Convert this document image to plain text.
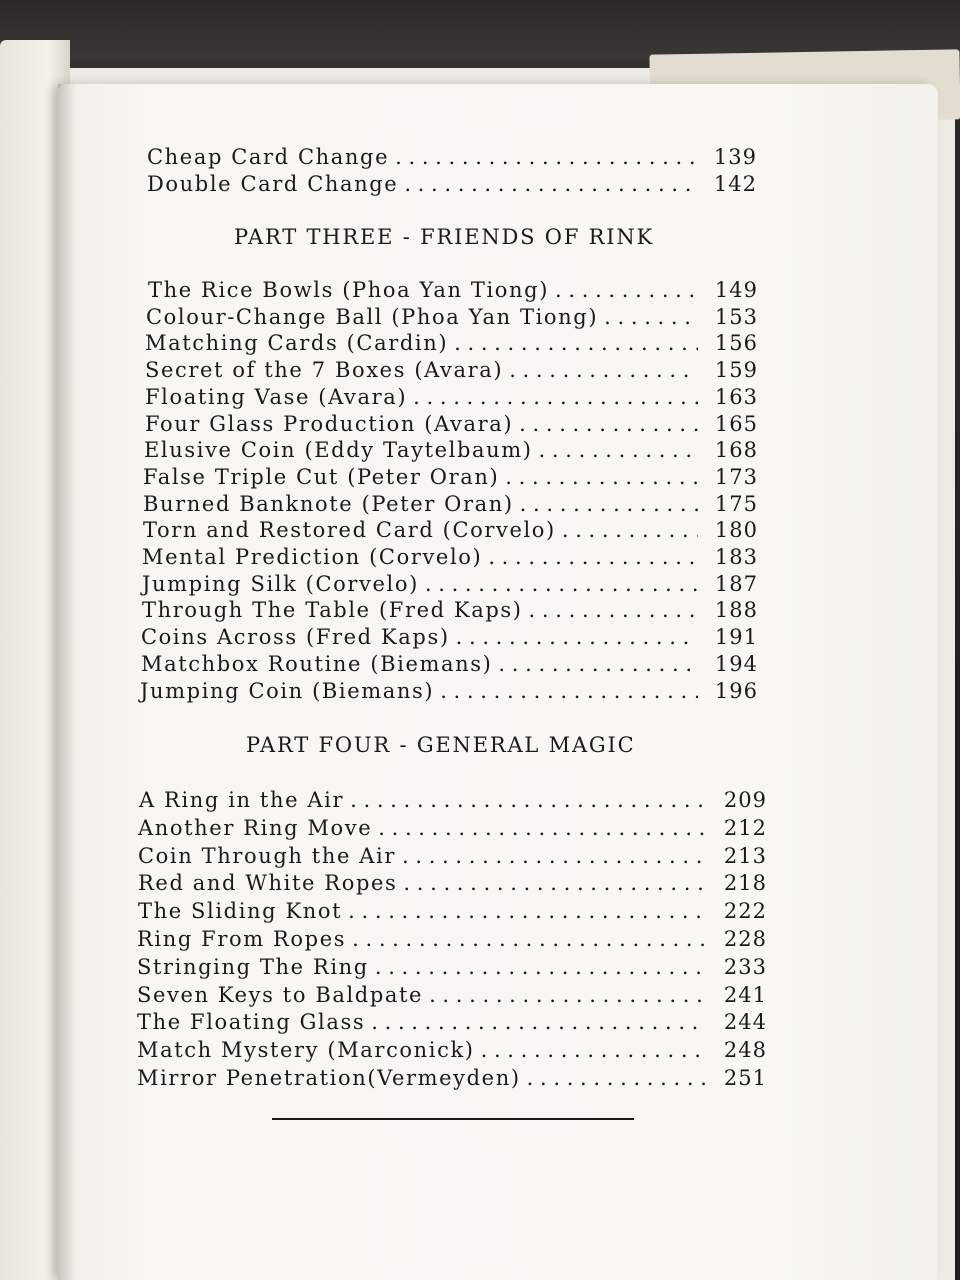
Cheap Card Change . . .	139
Double Card Change . . .	142
PART THREE - FRIENDS OF RINK
The Rice Bowls (Phoa Yan Tiong) . . .	149
Colour-Change Ball (Phoa Yan Tiong) . . .	153
Matching Cards (Cardin) . . .	156
Secret of the 7 Boxes (Avara) . . .	159
Floating Vase (Avara) . . .	163
Four Glass Production (Avara) . . .	165
Elusive Coin (Eddy Taytelbaum) . . .	168
False Triple Cut (Peter Oran) . . .	173
Burned Banknote (Peter Oran) . . .	175
Torn and Restored Card (Corvelo) . . .	180
Mental Prediction (Corvelo) . . .	183
Jumping Silk (Corvelo) . . .	187
Through The Table (Fred Kaps) . . .	188
Coins Across (Fred Kaps) . . .	191
Matchbox Routine (Biemans) . . .	194
Jumping Coin (Biemans) . . .	196
PART FOUR - GENERAL MAGIC
A Ring in the Air . . .	209
Another Ring Move . . .	212
Coin Through the Air . . .	213
Red and White Ropes . . .	218
The Sliding Knot . . .	222
Ring From Ropes . . .	228
Stringing The Ring . . .	233
Seven Keys to Baldpate . . .	241
The Floating Glass . . .	244
Match Mystery (Marconick) . . .	248
Mirror Penetration(Vermeyden) . . .	251
